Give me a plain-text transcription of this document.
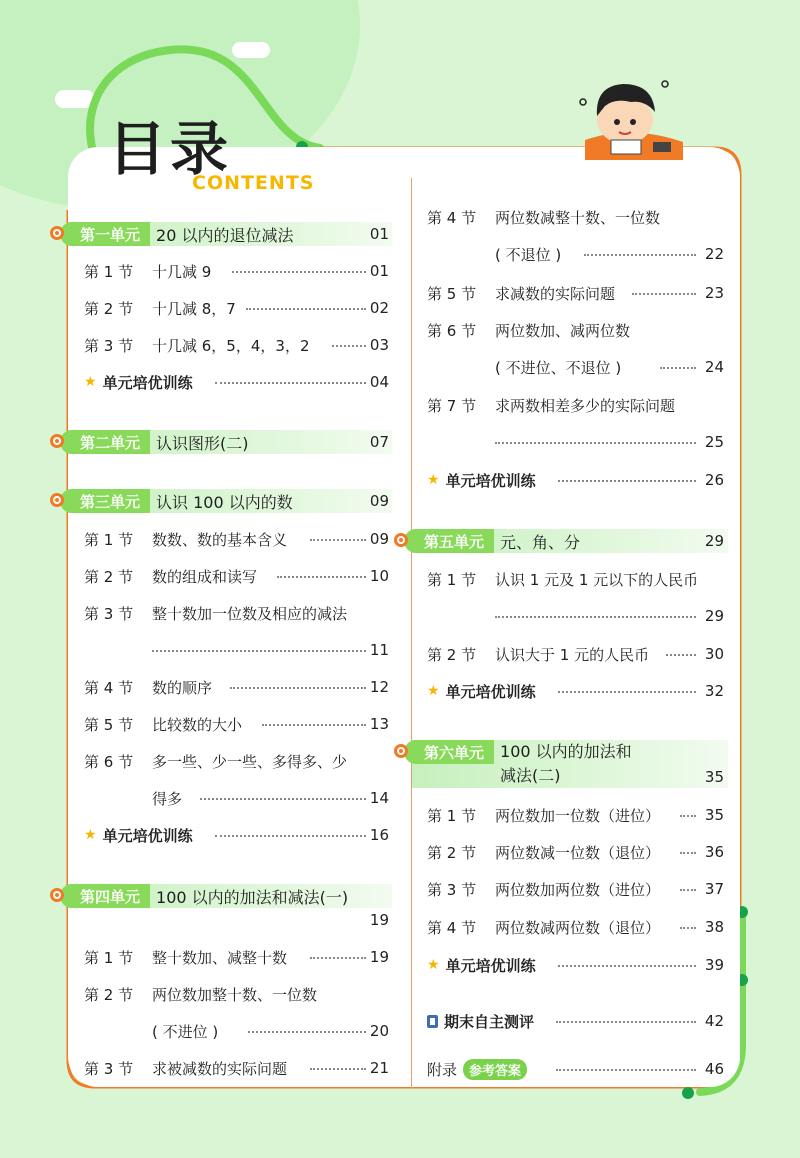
目录
CONTENTS
第一单元 20 以内的退位减法	01
第 1 节	十几减 9	01
第 2 节	十几减 8，7	02
第 3 节	十几减 6，5，4，3，2	03
★ 单元培优训练	04
第二单元 认识图形(二)	07
第三单元 认识 100 以内的数	09
第 1 节	数数、数的基本含义	09
第 2 节	数的组成和读写	10
第 3 节	整十数加一位数及相应的减法
11
第 4 节	数的顺序	12
第 5 节	比较数的大小	13
第 6 节	多一些、少一些、多得多、少
得多	14
★ 单元培优训练	16
第四单元 100 以内的加法和减法(一)
19
第 1 节	整十数加、减整十数	19
第 2 节	两位数加整十数、一位数
( 不进位 )	20
第 3 节	求被减数的实际问题	21
第 4 节	两位数减整十数、一位数
( 不退位 )	22
第 5 节	求减数的实际问题	23
第 6 节	两位数加、减两位数
( 不进位、不退位 )	24
第 7 节	求两数相差多少的实际问题
25
★ 单元培优训练	26
第五单元 元、角、分	29
第 1 节	认识 1 元及 1 元以下的人民币
29
第 2 节	认识大于 1 元的人民币	30
★ 单元培优训练	32
第六单元 100 以内的加法和
减法(二)	35
第 1 节	两位数加一位数（进位）	35
第 2 节	两位数减一位数（退位）	36
第 3 节	两位数加两位数（进位）	37
第 4 节	两位数减两位数（退位）	38
★ 单元培优训练	39
期末自主测评	42
附录 参考答案	46
